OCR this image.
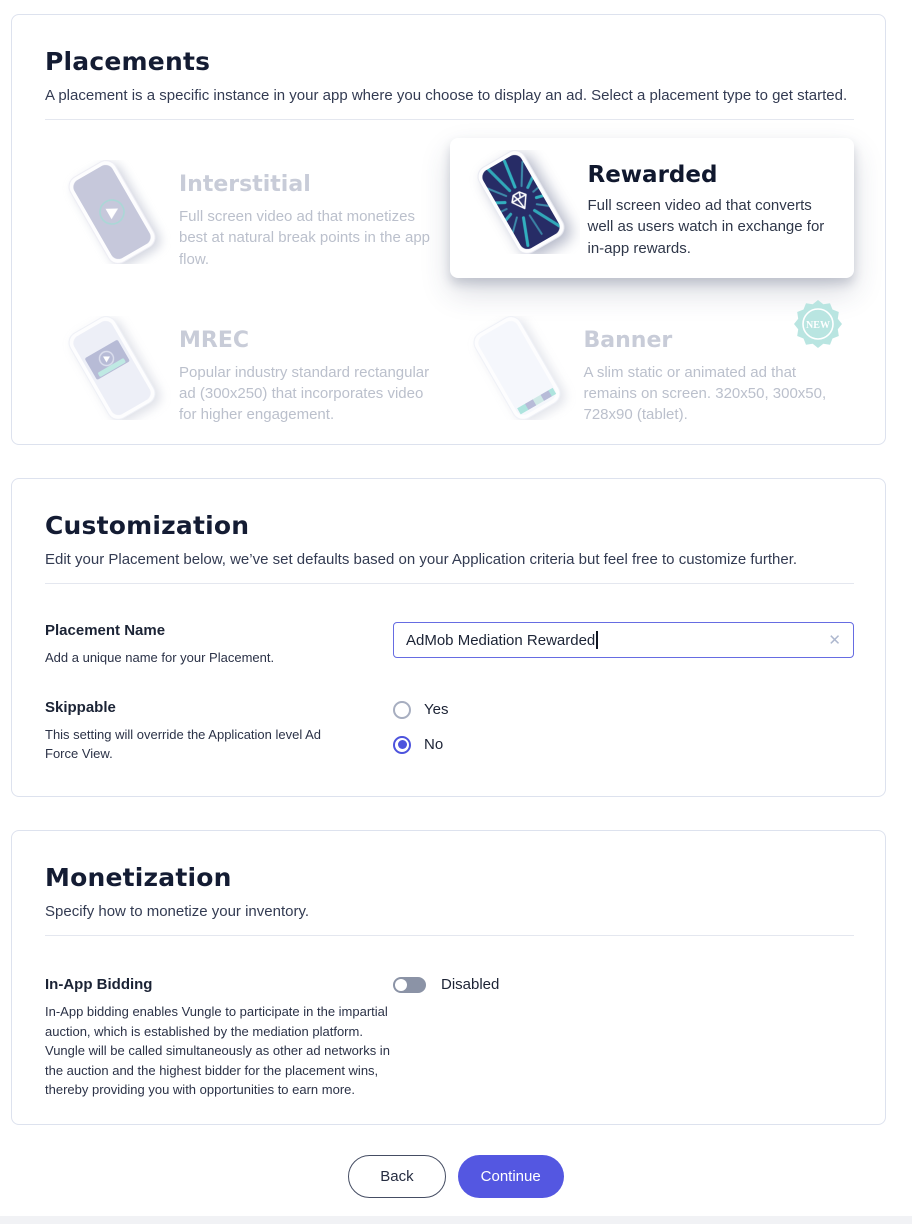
Placements

A placement is a specific instance in your app where you choose to display an ad. Select a placement type to get started.

Interstitial
Full screen video ad that monetizes best at natural break points in the app flow.
Rewarded
Full screen video ad that converts well as users watch in exchange for in-app rewards.
MREC
Popular industry standard rectangular ad (300x250) that incorporates video for higher engagement.
Banner
A slim static or animated ad that remains on screen. 320x50, 300x50, 728x90 (tablet).
NEW
Customization

Edit your Placement below, we’ve set defaults based on your Application criteria but feel free to customize further.

Placement Name
Add a unique name for your Placement.
AdMob Mediation Rewarded	✕
Skippable
This setting will override the Application level Ad Force View.
Yes
No
Monetization

Specify how to monetize your inventory.

In-App Bidding
In-App bidding enables Vungle to participate in the impartial auction, which is established by the mediation platform. Vungle will be called simultaneously as other ad networks in the auction and the highest bidder for the placement wins, thereby providing you with opportunities to earn more.
Disabled
Back	Continue
